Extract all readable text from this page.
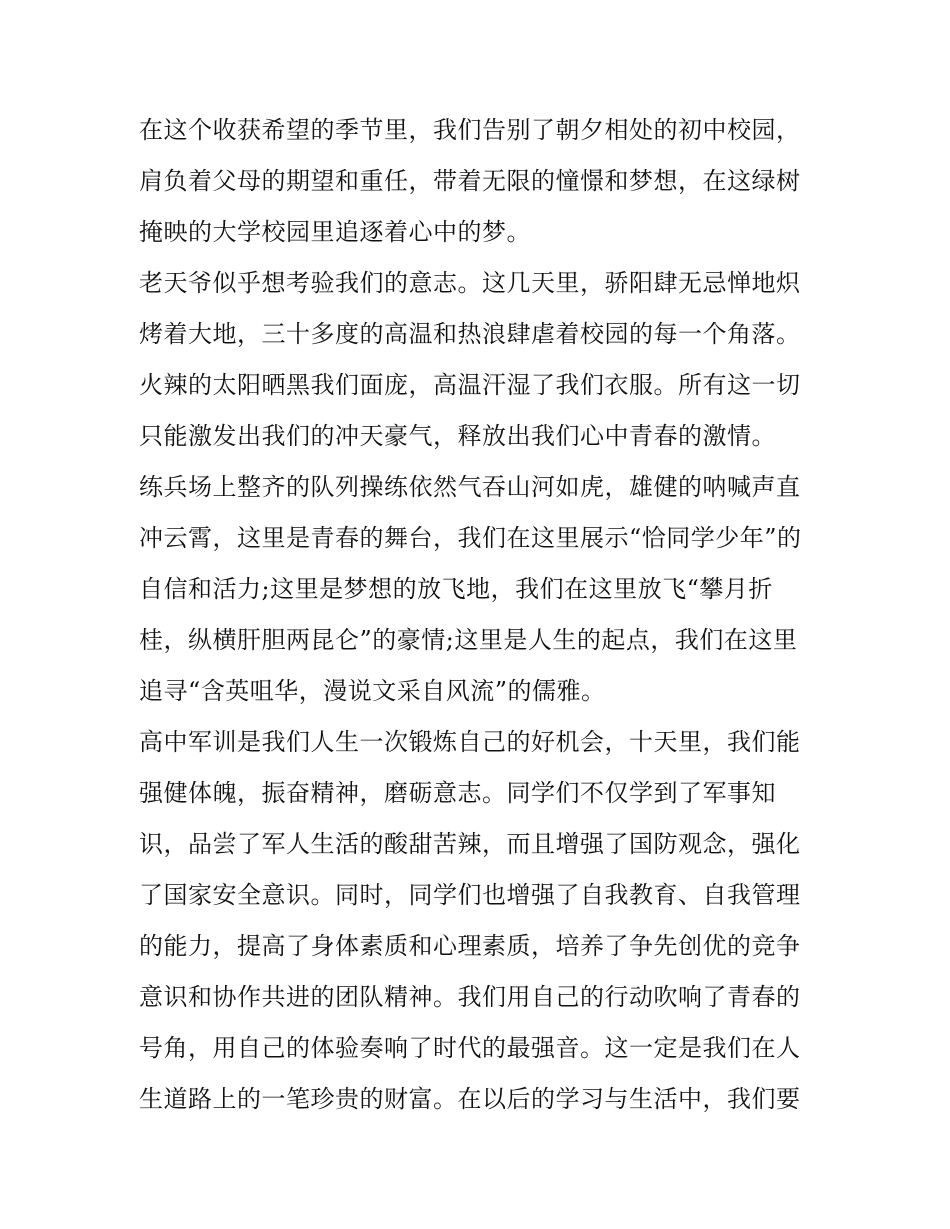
在这个收获希望的季节里，我们告别了朝夕相处的初中校园，
肩负着父母的期望和重任，带着无限的憧憬和梦想，在这绿树
掩映的大学校园里追逐着心中的梦。
老天爷似乎想考验我们的意志。这几天里，骄阳肆无忌惮地炽
烤着大地，三十多度的高温和热浪肆虐着校园的每一个角落。
火辣的太阳晒黑我们面庞，高温汗湿了我们衣服。所有这一切
只能激发出我们的冲天豪气，释放出我们心中青春的激情。
练兵场上整齐的队列操练依然气吞山河如虎，雄健的呐喊声直
冲云霄，这里是青春的舞台，我们在这里展示“恰同学少年”的
自信和活力;这里是梦想的放飞地，我们在这里放飞“攀月折
桂，纵横肝胆两昆仑”的豪情;这里是人生的起点，我们在这里
追寻“含英咀华，漫说文采自风流”的儒雅。
高中军训是我们人生一次锻炼自己的好机会，十天里，我们能
强健体魄，振奋精神，磨砺意志。同学们不仅学到了军事知
识，品尝了军人生活的酸甜苦辣，而且增强了国防观念，强化
了国家安全意识。同时，同学们也增强了自我教育、自我管理
的能力，提高了身体素质和心理素质，培养了争先创优的竞争
意识和协作共进的团队精神。我们用自己的行动吹响了青春的
号角，用自己的体验奏响了时代的最强音。这一定是我们在人
生道路上的一笔珍贵的财富。在以后的学习与生活中，我们要
